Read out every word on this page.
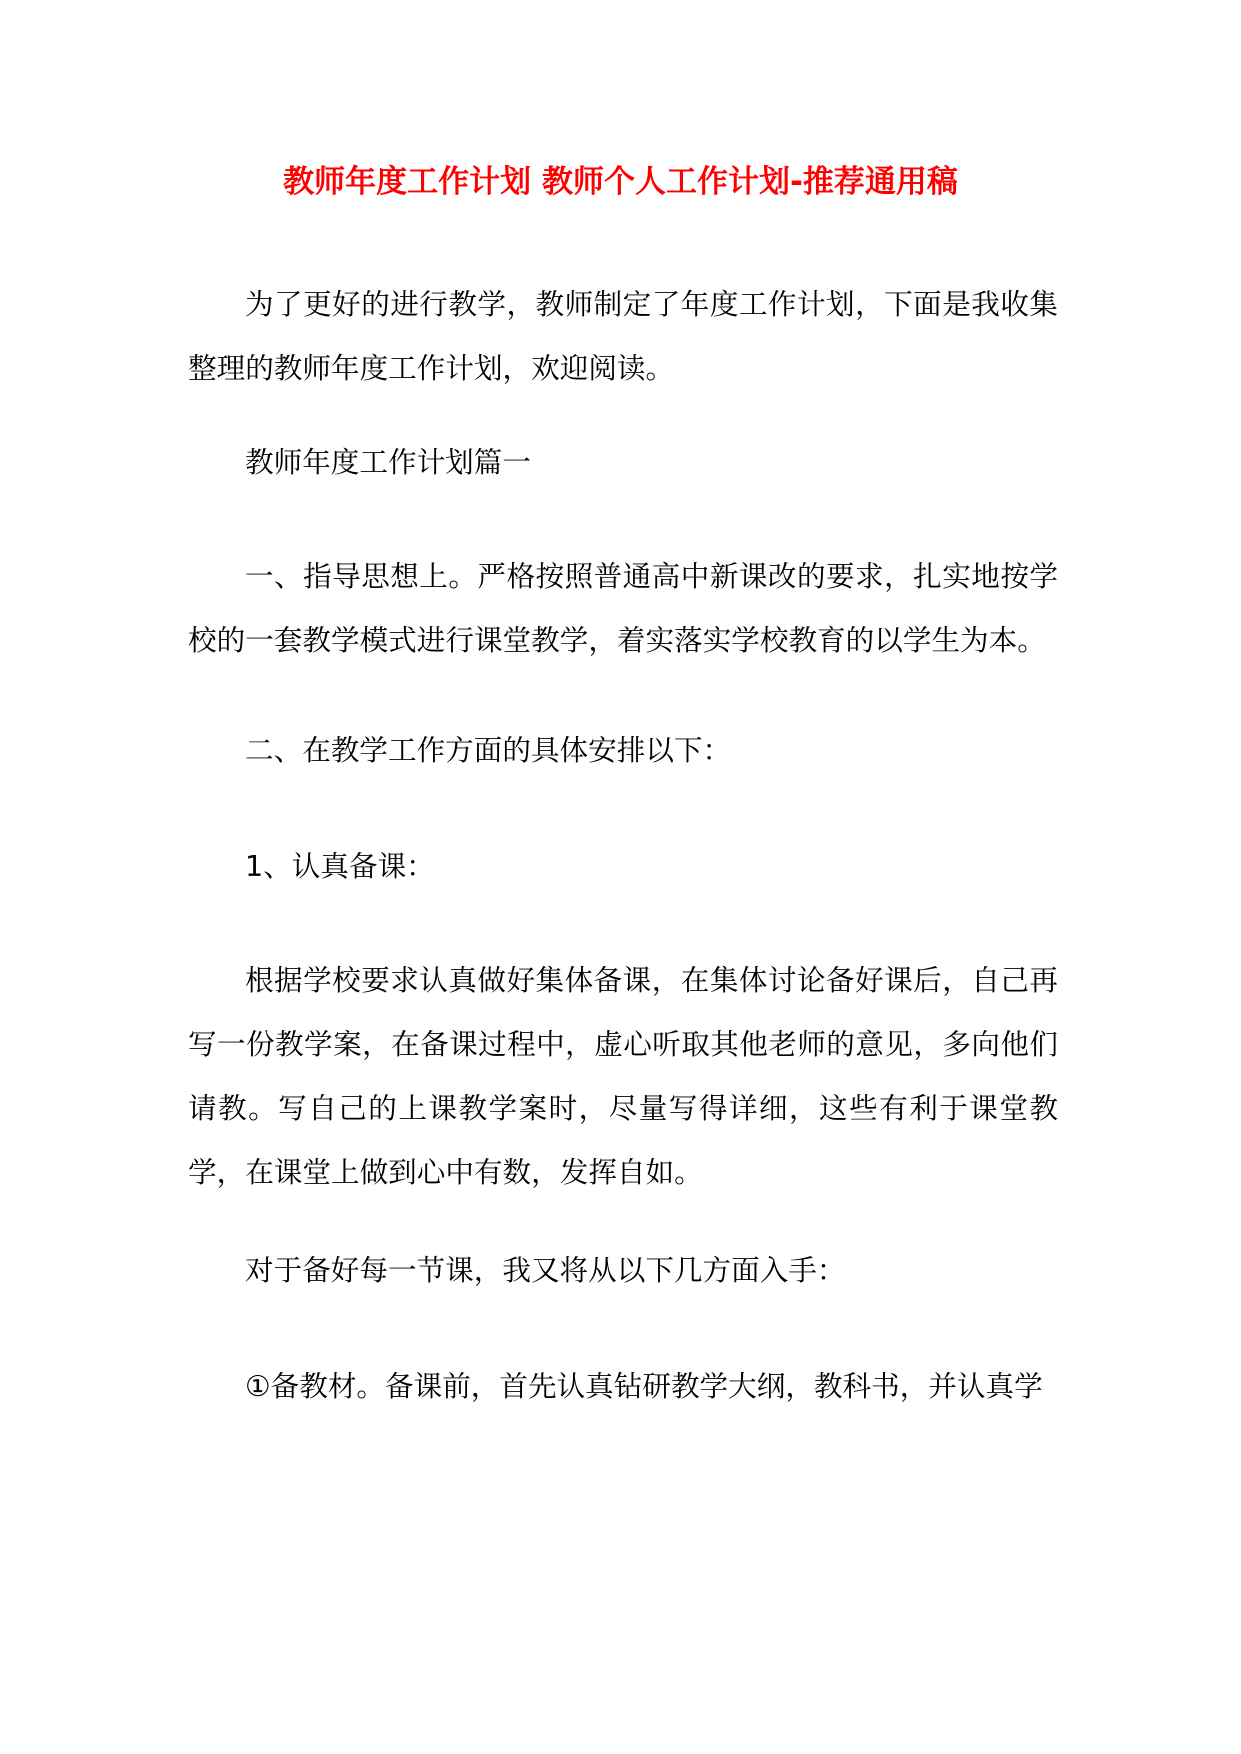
教师年度工作计划 教师个人工作计划-推荐通用稿

为了更好的进行教学，教师制定了年度工作计划，下面是我收集整理的教师年度工作计划，欢迎阅读。

教师年度工作计划篇一

一、指导思想上。严格按照普通高中新课改的要求，扎实地按学校的一套教学模式进行课堂教学，着实落实学校教育的以学生为本。

二、在教学工作方面的具体安排以下：

1、认真备课：

根据学校要求认真做好集体备课，在集体讨论备好课后，自己再写一份教学案，在备课过程中，虚心听取其他老师的意见，多向他们请教。写自己的上课教学案时，尽量写得详细，这些有利于课堂教学，在课堂上做到心中有数，发挥自如。

对于备好每一节课，我又将从以下几方面入手：

①备教材。备课前，首先认真钻研教学大纲，教科书，并认真学
